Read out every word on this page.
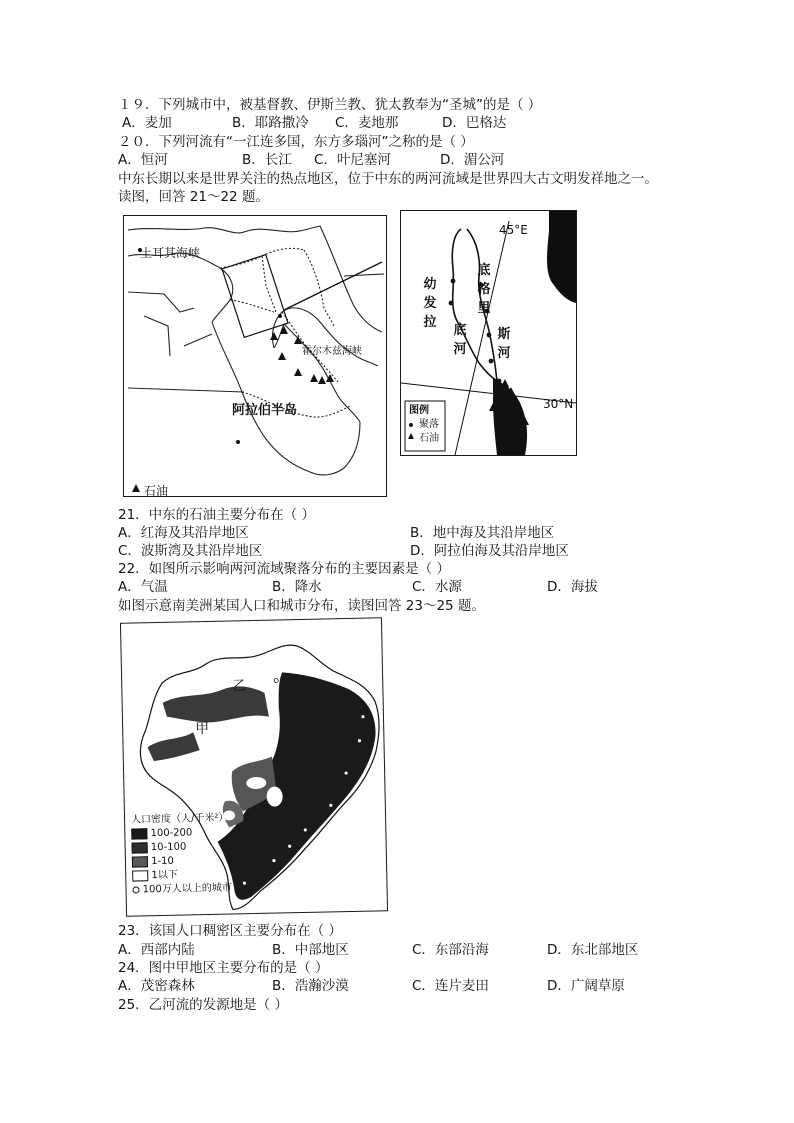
１９．下列城市中，被基督教、伊斯兰教、犹太教奉为“圣城”的是（ ）
A．麦加	B．耶路撒冷 C．麦地那	D．巴格达
２０．下列河流有“一江连多国，东方多瑙河”之称的是（ ）
A．恒河	B．长江 C．叶尼塞河	D．湄公河
中东长期以来是世界关注的热点地区，位于中东的两河流域是世界四大古文明发祥地之一。
读图，回答 21～22 题。
土耳其海峡
霍尔木兹海峡
阿拉伯半岛
石油
45°E
30°N
幼
发
拉
底
河
底
格
里
斯
河
图例
聚落
石油
21．中东的石油主要分布在（ ）
A．红海及其沿岸地区	B．地中海及其沿岸地区
C．波斯湾及其沿岸地区	D．阿拉伯海及其沿岸地区
22．如图所示影响两河流域聚落分布的主要因素是（ ）
A．气温	B．降水	C．水源	D．海拔
如图示意南美洲某国人口和城市分布，读图回答 23～25 题。
乙
甲
人口密度（人/千米²）
100-200
10-100
1-10
1以下
100万人以上的城市
23．该国人口稠密区主要分布在（ ）
A．西部内陆	B．中部地区	C．东部沿海	D．东北部地区
24．图中甲地区主要分布的是（ ）
A．茂密森林	B．浩瀚沙漠	C．连片麦田	D．广阔草原
25．乙河流的发源地是（ ）
